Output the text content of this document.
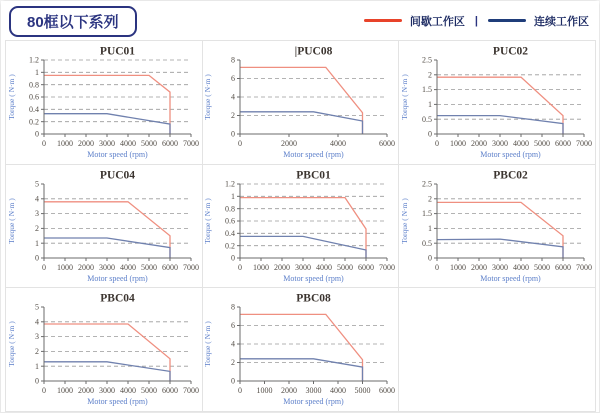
80框以下系列	间歇工作区 |	连续工作区
0
0.2
0.4
0.6
0.8
1
1.2
0 1000 2000 3000 4000 5000 6000 7000
PUC01
Motor speed (rpm)
Torque ( N·m )
0
2
4
6
8
0	2000	4000	6000
|PUC08
Motor speed (rpm)
Torque ( N·m )
0
0.5
1
1.5
2
2.5
0 1000 2000 3000 4000 5000 6000 7000
PUC02
Motor speed (rpm)
Torque ( N·m )
0
1
2
3
4
5
0 1000 2000 3000 4000 5000 6000 7000
PUC04
Motor speed (rpm)
Torque ( N·m )
0
0.2
0.4
0.6
0.8
1
1.2
0 1000 2000 3000 4000 5000 6000 7000
PBC01
Motor speed (rpm)
Torque ( N·m )
0
0.5
1
1.5
2
2.5
0 1000 2000 3000 4000 5000 6000 7000
PBC02
Motor speed (rpm)
Torque ( N·m )
0
1
2
3
4
5
0 1000 2000 3000 4000 5000 6000 7000
PBC04
Motor speed (rpm)
Torque ( N·m )
0
2
4
6
8
0 1000 2000 3000 4000 5000 6000
PBC08
Motor speed (rpm)
Torque ( N·m )
